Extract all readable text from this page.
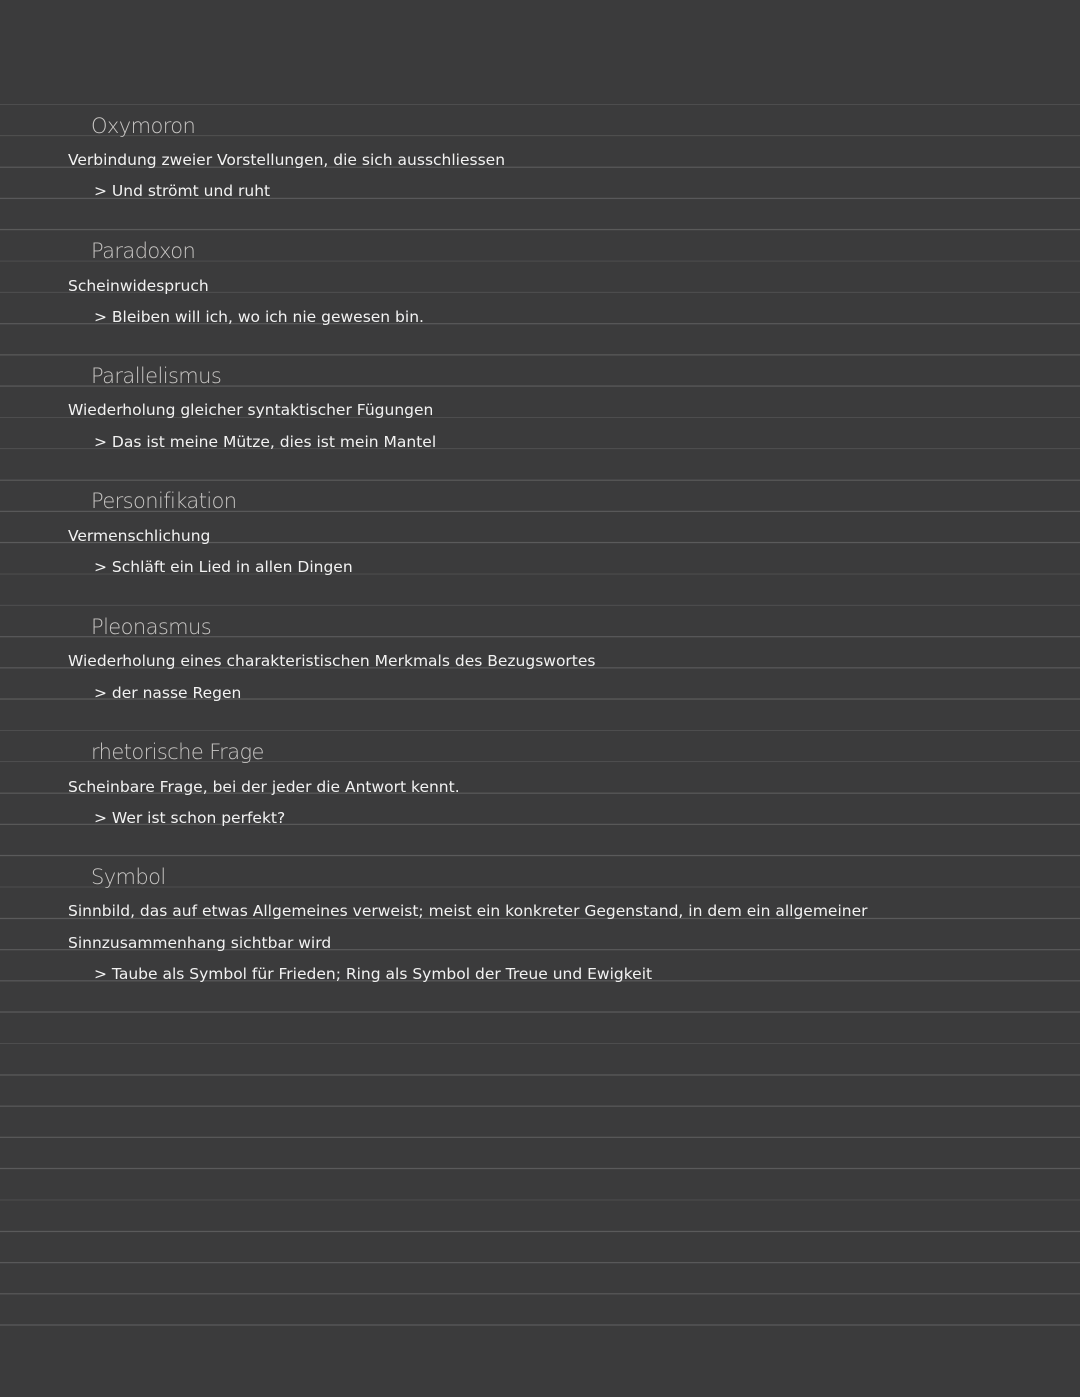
Oxymoron
Verbindung zweier Vorstellungen, die sich ausschliessen
> Und strömt und ruht
Paradoxon
Scheinwidespruch
> Bleiben will ich, wo ich nie gewesen bin.
Parallelismus
Wiederholung gleicher syntaktischer Fügungen
> Das ist meine Mütze, dies ist mein Mantel
Personifikation
Vermenschlichung
> Schläft ein Lied in allen Dingen
Pleonasmus
Wiederholung eines charakteristischen Merkmals des Bezugswortes
> der nasse Regen
rhetorische Frage
Scheinbare Frage, bei der jeder die Antwort kennt.
> Wer ist schon perfekt?
Symbol
Sinnbild, das auf etwas Allgemeines verweist; meist ein konkreter Gegenstand, in dem ein allgemeiner
Sinnzusammenhang sichtbar wird
> Taube als Symbol für Frieden; Ring als Symbol der Treue und Ewigkeit
